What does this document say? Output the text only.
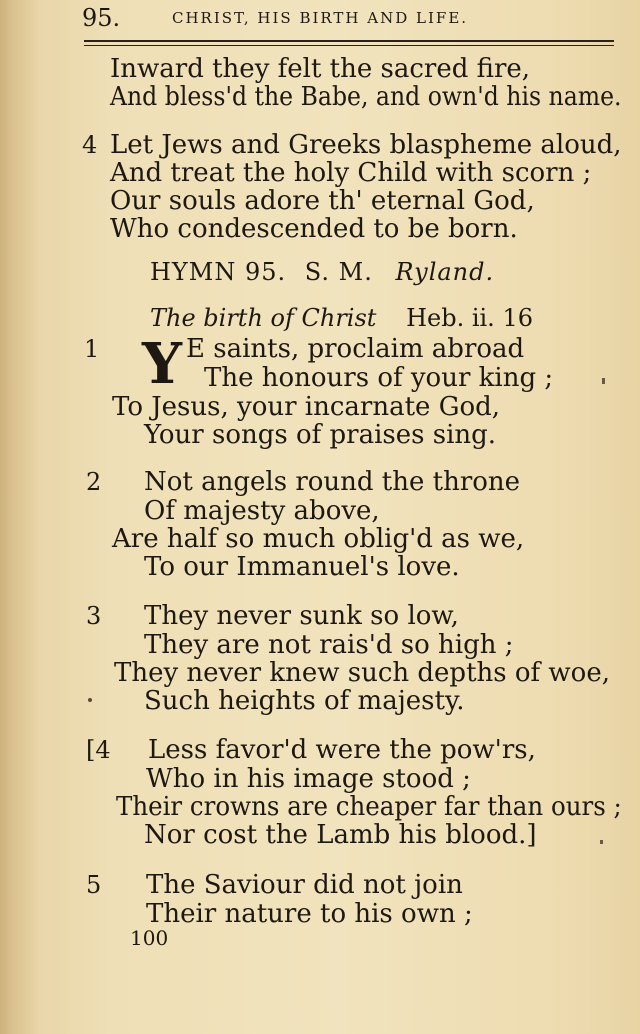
95.	CHRIST, HIS BIRTH AND LIFE.
Inward they felt the sacred fire,
And bless'd the Babe, and own'd his name.
4 Let Jews and Greeks blaspheme aloud,
And treat the holy Child with scorn ;
Our souls adore th' eternal God,
Who condescended to be born.
HYMN 95. S. M. Ryland.
The birth of Christ Heb. ii. 16
1 Y E saints, proclaim abroad
The honours of your king ;
To Jesus, your incarnate God,
Your songs of praises sing.
2 Not angels round the throne
Of majesty above,
Are half so much oblig'd as we,
To our Immanuel's love.
3 They never sunk so low,
They are not rais'd so high ;
They never knew such depths of woe,
Such heights of majesty.
[4 Less favor'd were the pow'rs,
Who in his image stood ;
Their crowns are cheaper far than ours ;
Nor cost the Lamb his blood.]
5 The Saviour did not join
Their nature to his own ;
100
